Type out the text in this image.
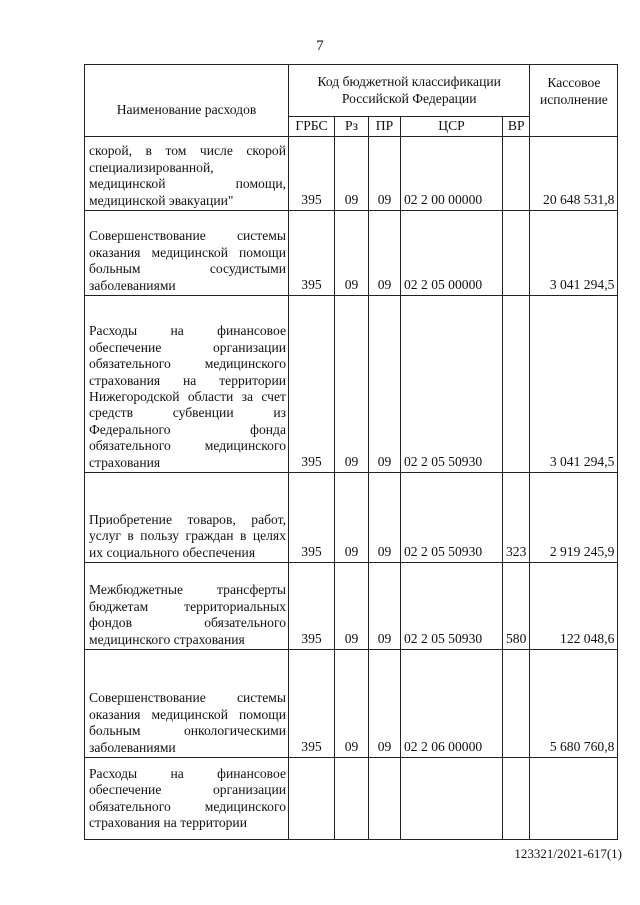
7
Наименование расходов	Код бюджетной классификации Российской Федерации					Кассовое исполнение
	ГРБС	Рз	ПР	ЦСР	ВР	
скорой, в том числе скорой специализированной, медицинской помощи, медицинской эвакуации"	395	09	09	02 2 00 00000		20 648 531,8
Совершенствование системы оказания медицинской помощи больным сосудистыми заболеваниями	395	09	09	02 2 05 00000		3 041 294,5
Расходы на финансовое обеспечение организации обязательного медицинского страхования на территории Нижегородской области за счет средств субвенции из Федерального фонда обязательного медицинского страхования	395	09	09	02 2 05 50930		3 041 294,5
Приобретение товаров, работ, услуг в пользу граждан в целях их социального обеспечения	395	09	09	02 2 05 50930	323	2 919 245,9
Межбюджетные трансферты бюджетам территориальных фондов обязательного медицинского страхования	395	09	09	02 2 05 50930	580	122 048,6
Совершенствование системы оказания медицинской помощи больным онкологическими заболеваниями	395	09	09	02 2 06 00000		5 680 760,8
Расходы на финансовое обеспечение организации обязательного медицинского страхования на территории						
123321/2021-617(1)
